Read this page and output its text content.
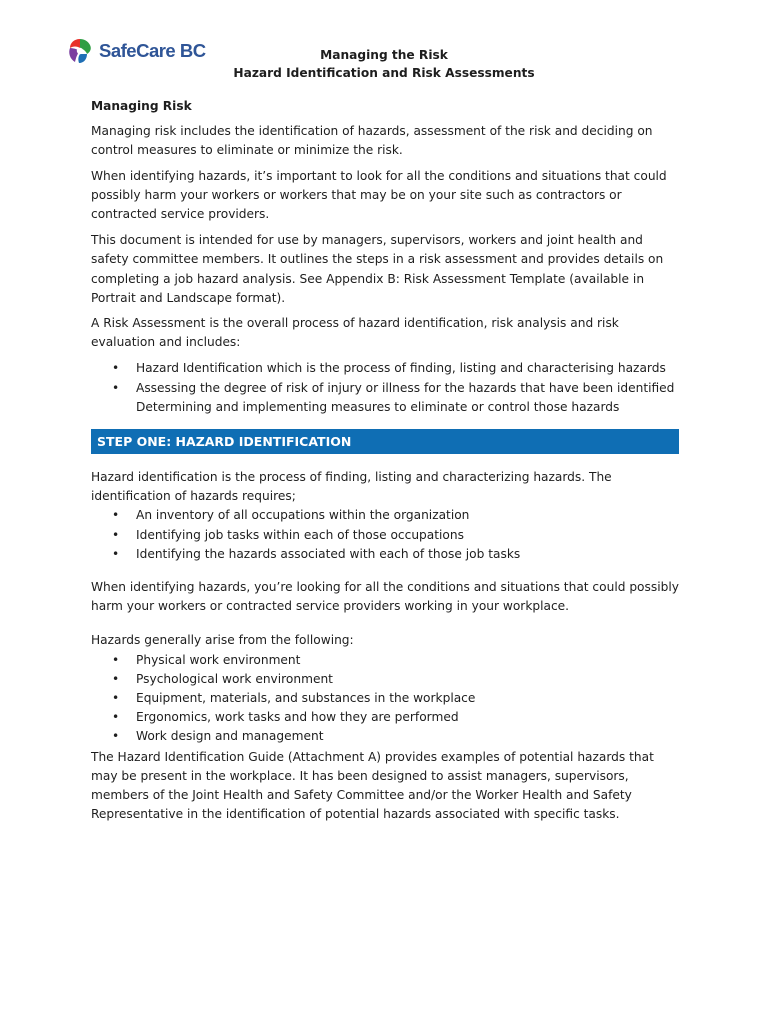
SafeCare BC	Managing the Risk
Hazard Identification and Risk Assessments

Managing Risk

Managing risk includes the identification of hazards, assessment of the risk and deciding on control measures to eliminate or minimize the risk.

When identifying hazards, it’s important to look for all the conditions and situations that could possibly harm your workers or workers that may be on your site such as contractors or contracted service providers.

This document is intended for use by managers, supervisors, workers and joint health and safety committee members. It outlines the steps in a risk assessment and provides details on completing a job hazard analysis. See Appendix B: Risk Assessment Template (available in Portrait and Landscape format).

A Risk Assessment is the overall process of hazard identification, risk analysis and risk evaluation and includes:

• Hazard Identification which is the process of finding, listing and characterising hazards
• Assessing the degree of risk of injury or illness for the hazards that have been identified
Determining and implementing measures to eliminate or control those hazards
STEP ONE: HAZARD IDENTIFICATION

Hazard identification is the process of finding, listing and characterizing hazards. The identification of hazards requires;

• An inventory of all occupations within the organization
• Identifying job tasks within each of those occupations
• Identifying the hazards associated with each of those job tasks

When identifying hazards, you’re looking for all the conditions and situations that could possibly harm your workers or contracted service providers working in your workplace.

Hazards generally arise from the following:

• Physical work environment
• Psychological work environment
• Equipment, materials, and substances in the workplace
• Ergonomics, work tasks and how they are performed
• Work design and management

The Hazard Identification Guide (Attachment A) provides examples of potential hazards that may be present in the workplace. It has been designed to assist managers, supervisors, members of the Joint Health and Safety Committee and/or the Worker Health and Safety Representative in the identification of potential hazards associated with specific tasks.
